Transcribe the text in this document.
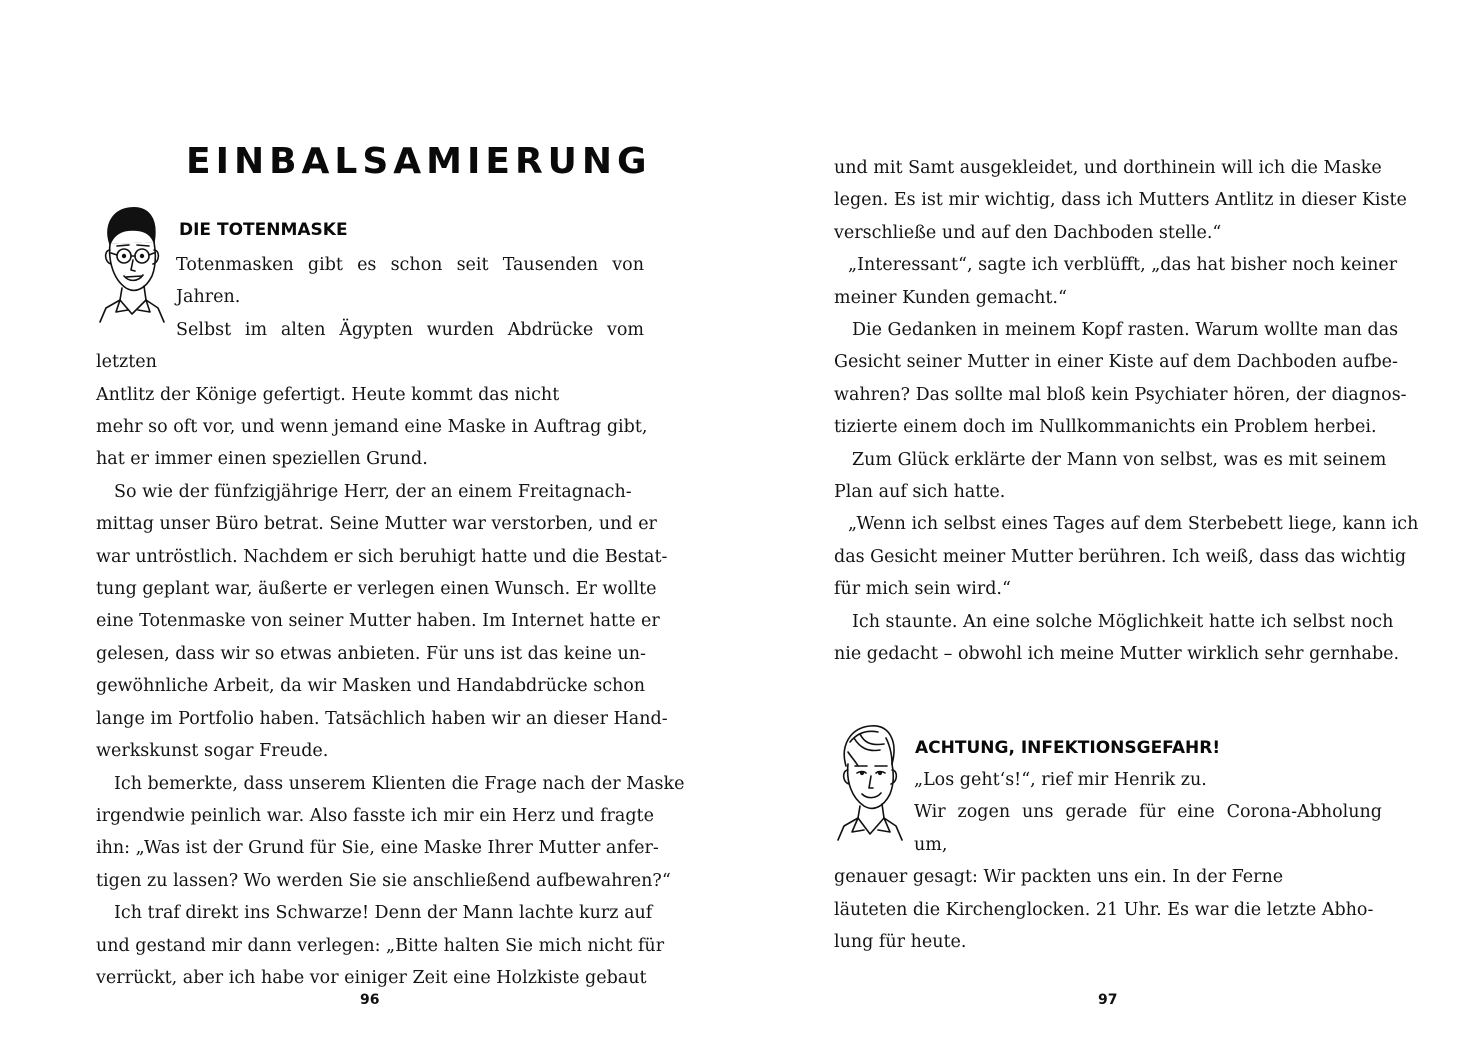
EINBALSAMIERUNG
DIE TOTENMASKE

Totenmasken gibt es schon seit Tausenden von Jahren.

Selbst im alten Ägypten wurden Abdrücke vom letzten

Antlitz der Könige gefertigt. Heute kommt das nicht

mehr so oft vor, und wenn jemand eine Maske in Auftrag gibt,

hat er immer einen speziellen Grund.

So wie der fünfzigjährige Herr, der an einem Freitagnach-

mittag unser Büro betrat. Seine Mutter war verstorben, und er

war untröstlich. Nachdem er sich beruhigt hatte und die Bestat-

tung geplant war, äußerte er verlegen einen Wunsch. Er wollte

eine Totenmaske von seiner Mutter haben. Im Internet hatte er

gelesen, dass wir so etwas anbieten. Für uns ist das keine un-

gewöhnliche Arbeit, da wir Masken und Handabdrücke schon

lange im Portfolio haben. Tatsächlich haben wir an dieser Hand-

werkskunst sogar Freude.

Ich bemerkte, dass unserem Klienten die Frage nach der Maske

irgendwie peinlich war. Also fasste ich mir ein Herz und fragte

ihn: „Was ist der Grund für Sie, eine Maske Ihrer Mutter anfer-

tigen zu lassen? Wo werden Sie sie anschließend aufbewahren?“

Ich traf direkt ins Schwarze! Denn der Mann lachte kurz auf

und gestand mir dann verlegen: „Bitte halten Sie mich nicht für

verrückt, aber ich habe vor einiger Zeit eine Holzkiste gebaut

96

und mit Samt ausgekleidet, und dorthinein will ich die Maske

legen. Es ist mir wichtig, dass ich Mutters Antlitz in dieser Kiste

verschließe und auf den Dachboden stelle.“

„Interessant“, sagte ich verblüfft, „das hat bisher noch keiner

meiner Kunden gemacht.“

Die Gedanken in meinem Kopf rasten. Warum wollte man das

Gesicht seiner Mutter in einer Kiste auf dem Dachboden aufbe-

wahren? Das sollte mal bloß kein Psychiater hören, der diagnos-

tizierte einem doch im Nullkommanichts ein Problem herbei.

Zum Glück erklärte der Mann von selbst, was es mit seinem

Plan auf sich hatte.

„Wenn ich selbst eines Tages auf dem Sterbebett liege, kann ich

das Gesicht meiner Mutter berühren. Ich weiß, dass das wichtig

für mich sein wird.“

Ich staunte. An eine solche Möglichkeit hatte ich selbst noch

nie gedacht – obwohl ich meine Mutter wirklich sehr gernhabe.

ACHTUNG, INFEKTIONSGEFAHR!

„Los geht‘s!“, rief mir Henrik zu.

Wir zogen uns gerade für eine Corona-Abholung um,

genauer gesagt: Wir packten uns ein. In der Ferne

läuteten die Kirchenglocken. 21 Uhr. Es war die letzte Abho-

lung für heute.

97
